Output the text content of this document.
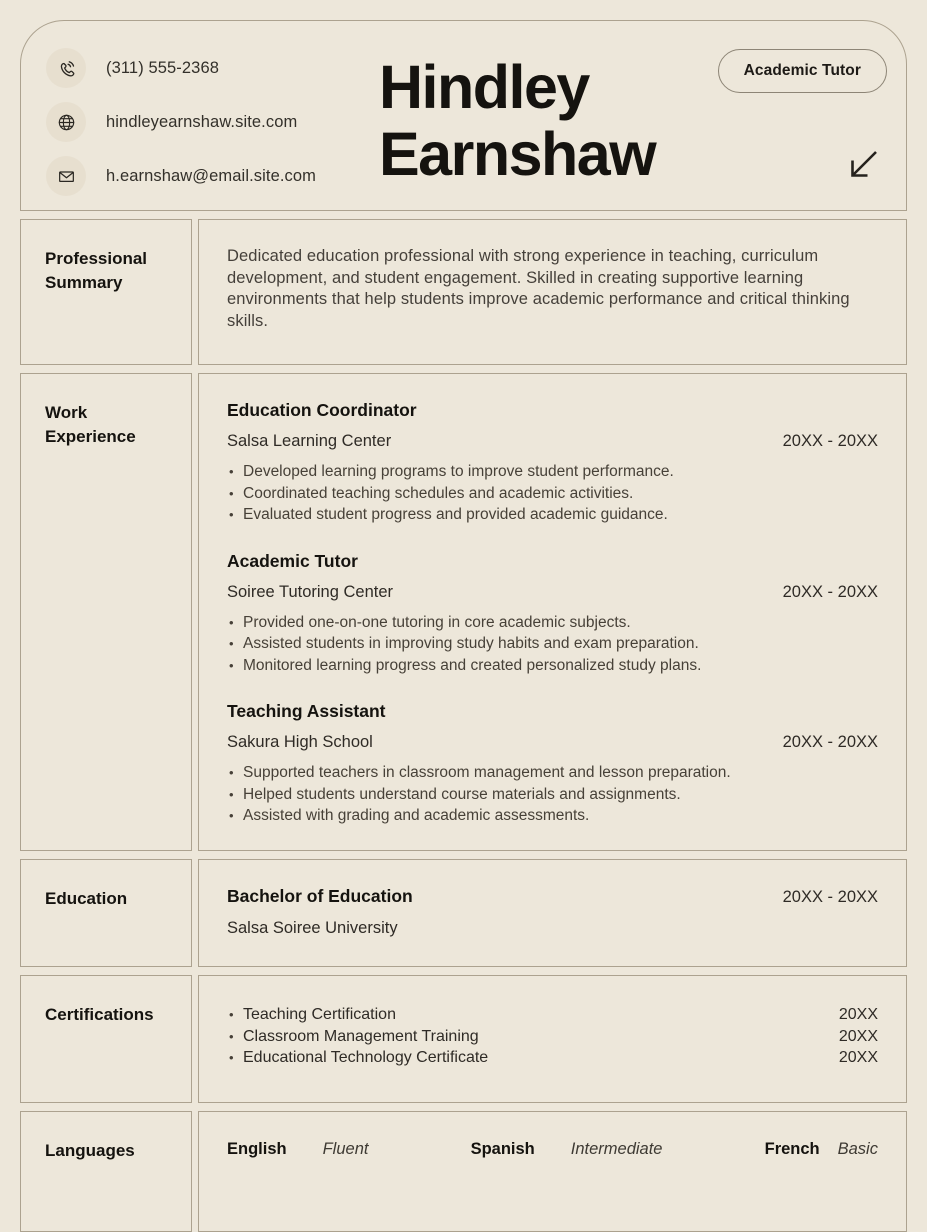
(311) 555-2368
hindleyearnshaw.site.com
h.earnshaw@email.site.com
Hindley Earnshaw
Academic Tutor
Professional Summary

Dedicated education professional with strong experience in teaching, curriculum development, and student engagement. Skilled in creating supportive learning environments that help students improve academic performance and critical thinking skills.

Work Experience
Education Coordinator
Salsa Learning Center	20XX - 20XX
• Developed learning programs to improve student performance.
• Coordinated teaching schedules and academic activities.
• Evaluated student progress and provided academic guidance.
Academic Tutor
Soiree Tutoring Center	20XX - 20XX
• Provided one-on-one tutoring in core academic subjects.
• Assisted students in improving study habits and exam preparation.
• Monitored learning progress and created personalized study plans.
Teaching Assistant
Sakura High School	20XX - 20XX
• Supported teachers in classroom management and lesson preparation.
• Helped students understand course materials and assignments.
• Assisted with grading and academic assessments.
Education	Bachelor of Education	20XX - 20XX
Salsa Soiree University
Certifications	• Teaching Certification	20XX
• Classroom Management Training	20XX
• Educational Technology Certificate	20XX
Languages	English Fluent	Spanish Intermediate	French Basic
